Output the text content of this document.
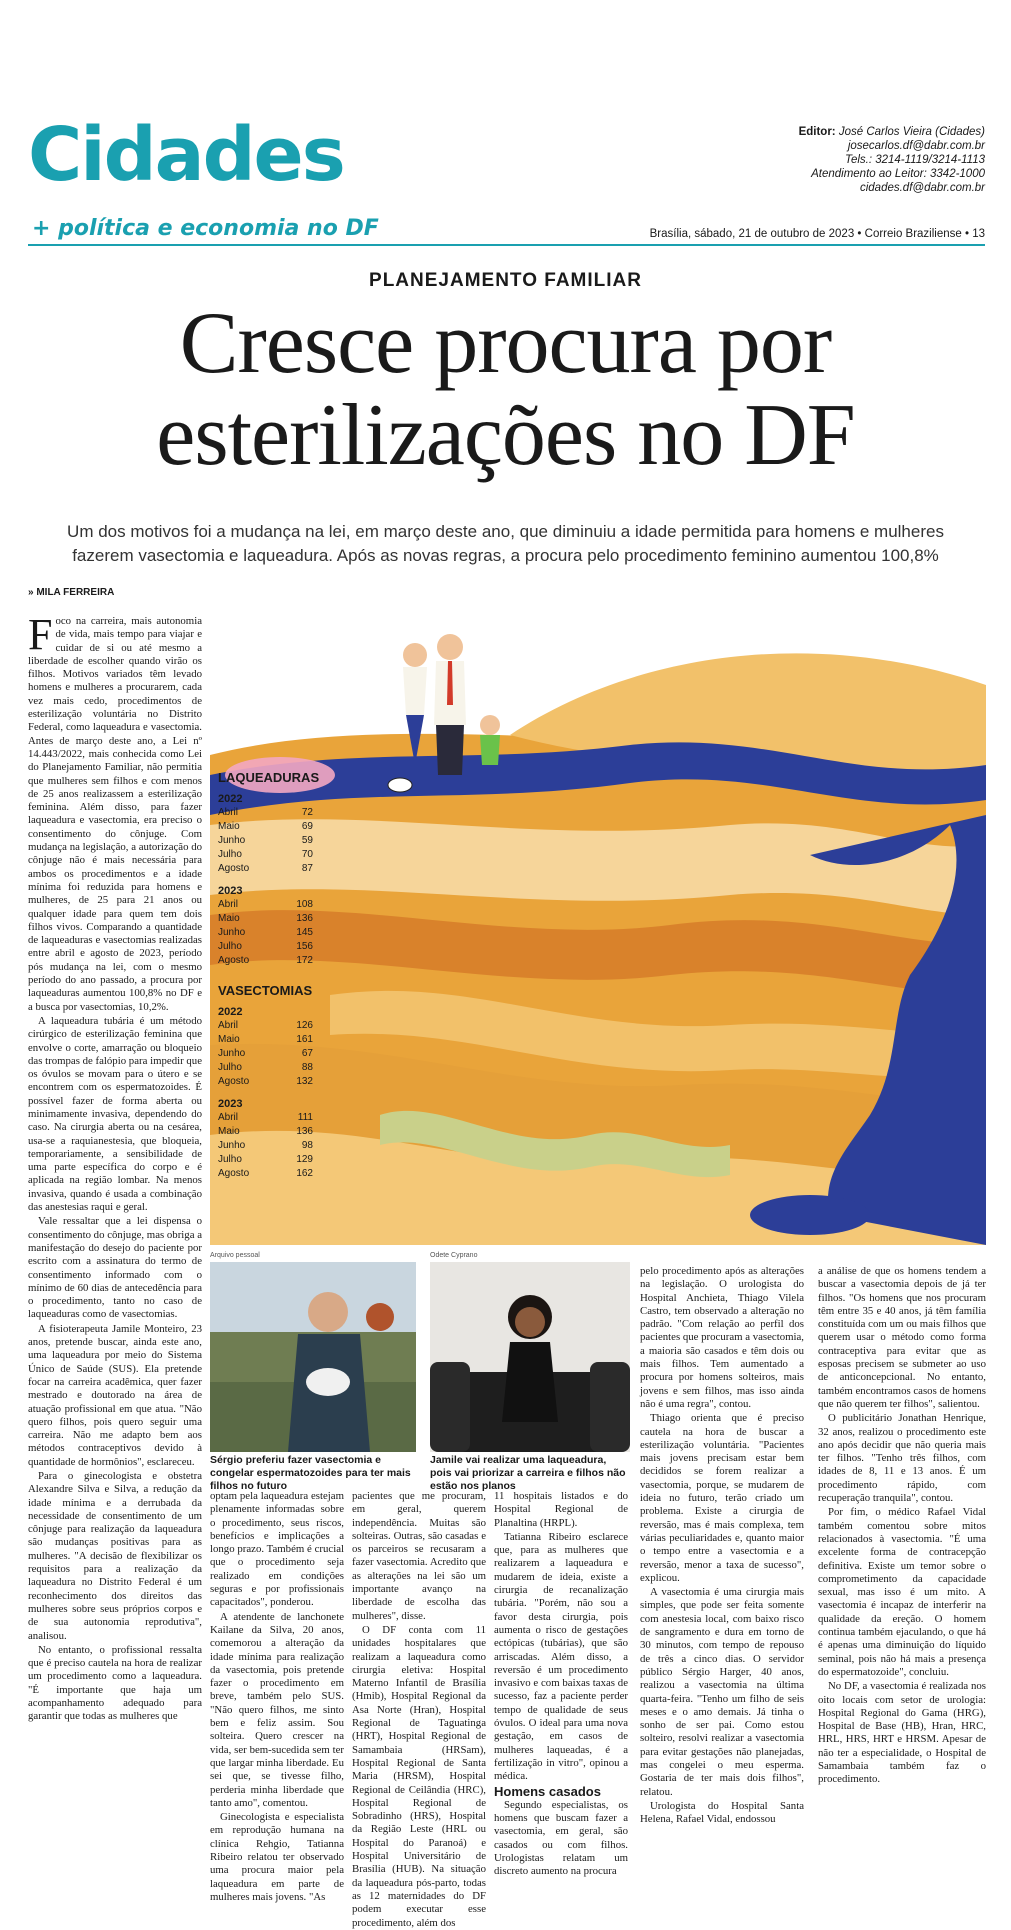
Cidades
+ política e economia no DF
Editor: José Carlos Vieira (Cidades)
josecarlos.df@dabr.com.br
Tels.: 3214-1119/3214-1113
Atendimento ao Leitor: 3342-1000
cidades.df@dabr.com.br
Brasília, sábado, 21 de outubro de 2023 • Correio Braziliense • 13
PLANEJAMENTO FAMILIAR
Cresce procura por
esterilizações no DF
Um dos motivos foi a mudança na lei, em março deste ano, que diminuiu a idade permitida para homens e mulheres fazerem vasectomia e laqueadura. Após as novas regras, a procura pelo procedimento feminino aumentou 100,8%
» MILA FERREIRA
LAQUEADURAS
2022
Abril	72
Maio	69
Junho	59
Julho	70
Agosto	87
2023
Abril	108
Maio	136
Junho	145
Julho	156
Agosto	172
VASECTOMIAS
2022
Abril	126
Maio	161
Junho	67
Julho	88
Agosto	132
2023
Abril	111
Maio	136
Junho	98
Julho	129
Agosto	162

Foco na carreira, mais autonomia de vida, mais tempo para viajar e cuidar de si ou até mesmo a liberdade de escolher quando virão os filhos. Motivos variados têm levado homens e mulheres a procurarem, cada vez mais cedo, procedimentos de esterilização voluntária no Distrito Federal, como laqueadura e vasectomia. Antes de março deste ano, a Lei nº 14.443/2022, mais conhecida como Lei do Planejamento Familiar, não permitia que mulheres sem filhos e com menos de 25 anos realizassem a esterilização feminina. Além disso, para fazer laqueadura e vasectomia, era preciso o consentimento do cônjuge. Com mudança na legislação, a autorização do cônjuge não é mais necessária para ambos os procedimentos e a idade mínima foi reduzida para homens e mulheres, de 25 para 21 anos ou qualquer idade para quem tem dois filhos vivos. Comparando a quantidade de laqueaduras e vasectomias realizadas entre abril e agosto de 2023, período pós mudança na lei, com o mesmo período do ano passado, a procura por laqueaduras aumentou 100,8% no DF e a busca por vasectomias, 10,2%.

A laqueadura tubária é um método cirúrgico de esterilização feminina que envolve o corte, amarração ou bloqueio das trompas de falópio para impedir que os óvulos se movam para o útero e se encontrem com os espermatozoides. É possível fazer de forma aberta ou minimamente invasiva, dependendo do caso. Na cirurgia aberta ou na cesárea, usa-se a raquianestesia, que bloqueia, temporariamente, a sensibilidade de uma parte específica do corpo e é aplicada na região lombar. Na menos invasiva, quando é usada a combinação das anestesias raqui e geral.

Vale ressaltar que a lei dispensa o consentimento do cônjuge, mas obriga a manifestação do desejo do paciente por escrito com a assinatura do termo de consentimento informado com o mínimo de 60 dias de antecedência para o procedimento, tanto no caso de laqueaduras como de vasectomias.

A fisioterapeuta Jamile Monteiro, 23 anos, pretende buscar, ainda este ano, uma laqueadura por meio do Sistema Único de Saúde (SUS). Ela pretende focar na carreira acadêmica, quer fazer mestrado e doutorado na área de atuação profissional em que atua. "Não quero filhos, pois quero seguir uma carreira. Não me adapto bem aos métodos contraceptivos devido à quantidade de hormônios", esclareceu.

Para o ginecologista e obstetra Alexandre Silva e Silva, a redução da idade mínima e a derrubada da necessidade de consentimento de um cônjuge para realização da laqueadura são mudanças positivas para as mulheres. "A decisão de flexibilizar os requisitos para a realização da laqueadura no Distrito Federal é um reconhecimento dos direitos das mulheres sobre seus próprios corpos e de sua autonomia reprodutiva", analisou.

No entanto, o profissional ressalta que é preciso cautela na hora de realizar um procedimento como a laqueadura. "É importante que haja um acompanhamento adequado para garantir que todas as mulheres que

Arquivo pessoal
Sérgio preferiu fazer vasectomia e congelar espermatozoides para ter mais filhos no futuro
Odete Cyprano
Jamile vai realizar uma laqueadura, pois vai priorizar a carreira e filhos não estão nos planos

optam pela laqueadura estejam plenamente informadas sobre o procedimento, seus riscos, benefícios e implicações a longo prazo. Também é crucial que o procedimento seja realizado em condições seguras e por profissionais capacitados", ponderou.

A atendente de lanchonete Kailane da Silva, 20 anos, comemorou a alteração da idade mínima para realização da vasectomia, pois pretende fazer o procedimento em breve, também pelo SUS. "Não quero filhos, me sinto bem e feliz assim. Sou solteira. Quero crescer na vida, ser bem-sucedida sem ter que largar minha liberdade. Eu sei que, se tivesse filho, perderia minha liberdade que tanto amo", comentou.

Ginecologista e especialista em reprodução humana na clínica Rehgio, Tatianna Ribeiro relatou ter observado uma procura maior pela laqueadura em parte de mulheres mais jovens. "As

pacientes que me procuram, em geral, querem independência. Muitas são solteiras. Outras, são casadas e os parceiros se recusaram a fazer vasectomia. Acredito que as alterações na lei são um importante avanço na liberdade de escolha das mulheres", disse.

O DF conta com 11 unidades hospitalares que realizam a laqueadura como cirurgia eletiva: Hospital Materno Infantil de Brasília (Hmib), Hospital Regional da Asa Norte (Hran), Hospital Regional de Taguatinga (HRT), Hospital Regional de Samambaia (HRSam), Hospital Regional de Santa Maria (HRSM), Hospital Regional de Ceilândia (HRC), Hospital Regional de Sobradinho (HRS), Hospital da Região Leste (HRL ou Hospital do Paranoá) e Hospital Universitário de Brasília (HUB). Na situação da laqueadura pós-parto, todas as 12 maternidades do DF podem executar esse procedimento, além dos

11 hospitais listados e do Hospital Regional de Planaltina (HRPL).

Tatianna Ribeiro esclarece que, para as mulheres que realizarem a laqueadura e mudarem de ideia, existe a cirurgia de recanalização tubária. "Porém, não sou a favor desta cirurgia, pois aumenta o risco de gestações ectópicas (tubárias), que são arriscadas. Além disso, a reversão é um procedimento invasivo e com baixas taxas de sucesso, faz a paciente perder tempo de qualidade de seus óvulos. O ideal para uma nova gestação, em casos de mulheres laqueadas, é a fertilização in vitro", opinou a médica.

Homens casados

Segundo especialistas, os homens que buscam fazer a vasectomia, em geral, são casados ou com filhos. Urologistas relatam um discreto aumento na procura

pelo procedimento após as alterações na legislação. O urologista do Hospital Anchieta, Thiago Vilela Castro, tem observado a alteração no padrão. "Com relação ao perfil dos pacientes que procuram a vasectomia, a maioria são casados e têm dois ou mais filhos. Tem aumentado a procura por homens solteiros, mais jovens e sem filhos, mas isso ainda não é uma regra", contou.

Thiago orienta que é preciso cautela na hora de buscar a esterilização voluntária. "Pacientes mais jovens precisam estar bem decididos se forem realizar a vasectomia, porque, se mudarem de ideia no futuro, terão criado um problema. Existe a cirurgia de reversão, mas é mais complexa, tem várias peculiaridades e, quanto maior o tempo entre a vasectomia e a reversão, menor a taxa de sucesso", explicou.

A vasectomia é uma cirurgia mais simples, que pode ser feita somente com anestesia local, com baixo risco de sangramento e dura em torno de 30 minutos, com tempo de repouso de três a cinco dias. O servidor público Sérgio Harger, 40 anos, realizou a vasectomia na última quarta-feira. "Tenho um filho de seis meses e o amo demais. Já tinha o sonho de ser pai. Como estou solteiro, resolvi realizar a vasectomia para evitar gestações não planejadas, mas congelei o meu esperma. Gostaria de ter mais dois filhos", relatou.

Urologista do Hospital Santa Helena, Rafael Vidal, endossou

a análise de que os homens tendem a buscar a vasectomia depois de já ter filhos. "Os homens que nos procuram têm entre 35 e 40 anos, já têm família constituída com um ou mais filhos que querem usar o método como forma contraceptiva para evitar que as esposas precisem se submeter ao uso de anticoncepcional. No entanto, também encontramos casos de homens que não querem ter filhos", salientou.

O publicitário Jonathan Henrique, 32 anos, realizou o procedimento este ano após decidir que não queria mais ter filhos. "Tenho três filhos, com idades de 8, 11 e 13 anos. É um procedimento rápido, com recuperação tranquila", contou.

Por fim, o médico Rafael Vidal também comentou sobre mitos relacionados à vasectomia. "É uma excelente forma de contracepção definitiva. Existe um temor sobre o comprometimento da capacidade sexual, mas isso é um mito. A vasectomia é incapaz de interferir na qualidade da ereção. O homem continua também ejaculando, o que há é apenas uma diminuição do líquido seminal, pois não há mais a presença do espermatozoide", concluiu.

No DF, a vasectomia é realizada nos oito locais com setor de urologia: Hospital Regional do Gama (HRG), Hospital de Base (HB), Hran, HRC, HRL, HRS, HRT e HRSM. Apesar de não ter a especialidade, o Hospital de Samambaia também faz o procedimento.
